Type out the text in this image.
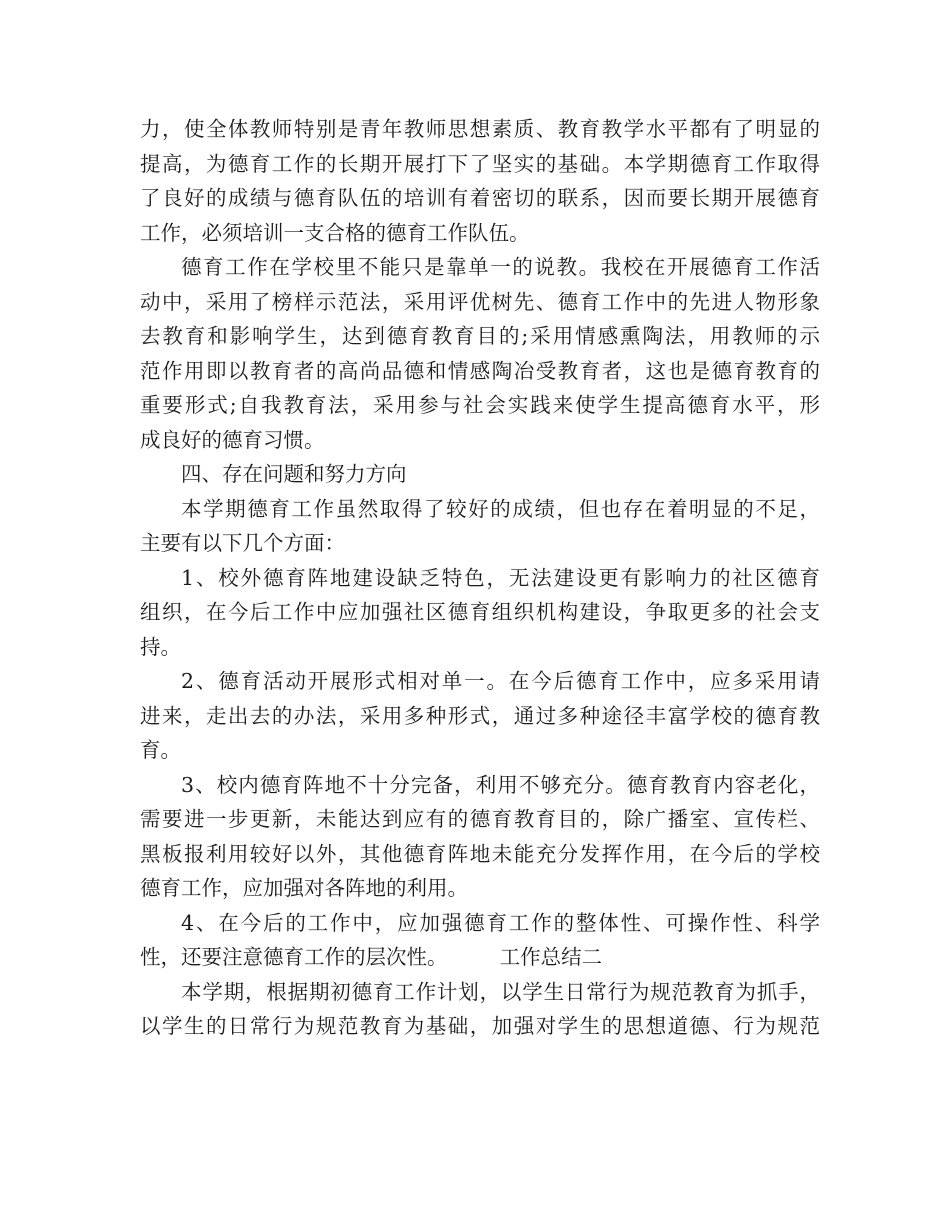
力，使全体教师特别是青年教师思想素质、教育教学水平都有了明显的
提高，为德育工作的长期开展打下了坚实的基础。本学期德育工作取得
了良好的成绩与德育队伍的培训有着密切的联系，因而要长期开展德育
工作，必须培训一支合格的德育工作队伍。
德育工作在学校里不能只是靠单一的说教。我校在开展德育工作活
动中，采用了榜样示范法，采用评优树先、德育工作中的先进人物形象
去教育和影响学生，达到德育教育目的;采用情感熏陶法，用教师的示
范作用即以教育者的高尚品德和情感陶冶受教育者，这也是德育教育的
重要形式;自我教育法，采用参与社会实践来使学生提高德育水平，形
成良好的德育习惯。
四、存在问题和努力方向
本学期德育工作虽然取得了较好的成绩，但也存在着明显的不足，
主要有以下几个方面：
1、校外德育阵地建设缺乏特色，无法建设更有影响力的社区德育
组织，在今后工作中应加强社区德育组织机构建设，争取更多的社会支
持。
2、德育活动开展形式相对单一。在今后德育工作中，应多采用请
进来，走出去的办法，采用多种形式，通过多种途径丰富学校的德育教
育。
3、校内德育阵地不十分完备，利用不够充分。德育教育内容老化，
需要进一步更新，未能达到应有的德育教育目的，除广播室、宣传栏、
黑板报利用较好以外，其他德育阵地未能充分发挥作用，在今后的学校
德育工作，应加强对各阵地的利用。
4、在今后的工作中，应加强德育工作的整体性、可操作性、科学
性，还要注意德育工作的层次性。        工作总结二
本学期，根据期初德育工作计划，以学生日常行为规范教育为抓手，
以学生的日常行为规范教育为基础，加强对学生的思想道德、行为规范
